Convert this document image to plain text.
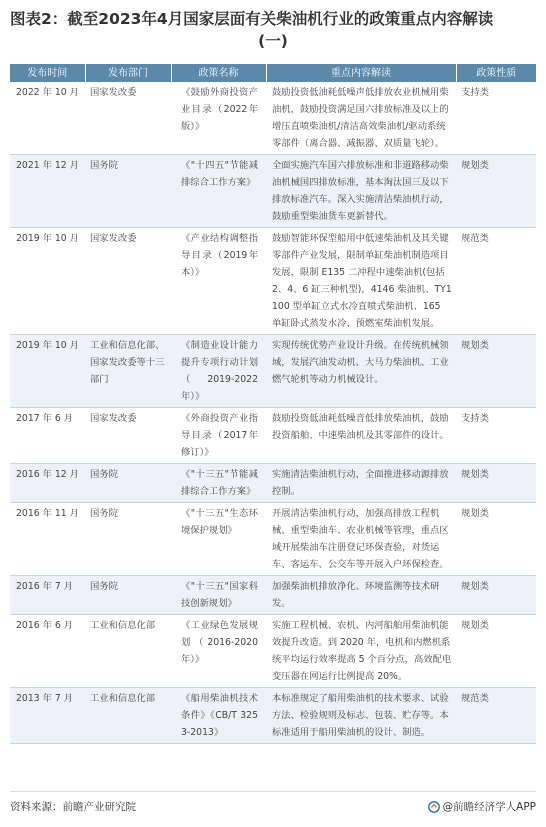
图表2：截至2023年4月国家层面有关柴油机行业的政策重点内容解读
(一)
发布时间	发布部门	政策名称	重点内容解读	政策性质
2022 年 10 月	国家发改委	《鼓励外商投资产业目录（2022年版）》	鼓励投资低油耗低噪声低排放农业机械用柴油机，鼓励投资满足国六排放标准及以上的增压直喷柴油机/清洁高效柴油机/驱动系统零部件（离合器、减振器、双质量飞轮）。	支持类
2021 年 12 月	国务院	《"十四五"节能减排综合工作方案》	全面实施汽车国六排放标准和非道路移动柴油机械国四排放标准，基本淘汰国三及以下排放标准汽车。深入实施清洁柴油机行动，鼓励重型柴油货车更新替代。	规划类
2019 年 10 月	国家发改委	《产业结构调整指导目录（2019年本）》	鼓励智能环保型船用中低速柴油机及其关键零部件产业发展，限制单缸柴油机制造项目发展，限制 E135 二冲程中速柴油机(包括 2、4、6 缸三种机型)，4146 柴油机、TY1100 型单缸立式水冷直喷式柴油机、165 单缸卧式蒸发水冷、预燃室柴油机发展。	规范类
2019 年 10 月	工业和信息化部、国家发改委等十三部门	《制造业设计能力提升专项行动计划（2019-2022年）》	实现传统优势产业设计升级。在传统机械领域，发展汽油发动机、大马力柴油机、工业燃气轮机等动力机械设计。	规划类
2017 年 6 月	国家发改委	《外商投资产业指导目录（2017年修订）》	鼓励投资低油耗低噪音低排放柴油机，鼓励投资船舶、中速柴油机及其零部件的设计。	支持类
2016 年 12 月	国务院	《"十三五"节能减排综合工作方案》	实施清洁柴油机行动，全面推进移动源排放控制。	规划类
2016 年 11 月	国务院	《"十三五"生态环境保护规划》	开展清洁柴油机行动，加强高排放工程机械、重型柴油车、农业机械等管理，重点区域开展柴油车注册登记环保查验，对货运车、客运车、公交车等开展入户环保检查。	规划类
2016 年 7 月	国务院	《"十三五"国家科技创新规划》	加强柴油机排放净化、环境监测等技术研发。	规划类
2016 年 6 月	工业和信息化部	《工业绿色发展规划（2016-2020年）》	实施工程机械、农机、内河船舶用柴油机能效提升改造。到 2020 年，电机和内燃机系统平均运行效率提高 5 个百分点，高效配电变压器在网运行比例提高 20%。	规划类
2013 年 7 月	工业和信息化部	《船用柴油机技术条件》《CB/T 3253-2013》	本标准规定了船用柴油机的技术要求、试验方法、检验规则及标志、包装、贮存等。本标准适用于船用柴油机的设计、制造。	规范类
资料来源：前瞻产业研究院	@前瞻经济学人APP
